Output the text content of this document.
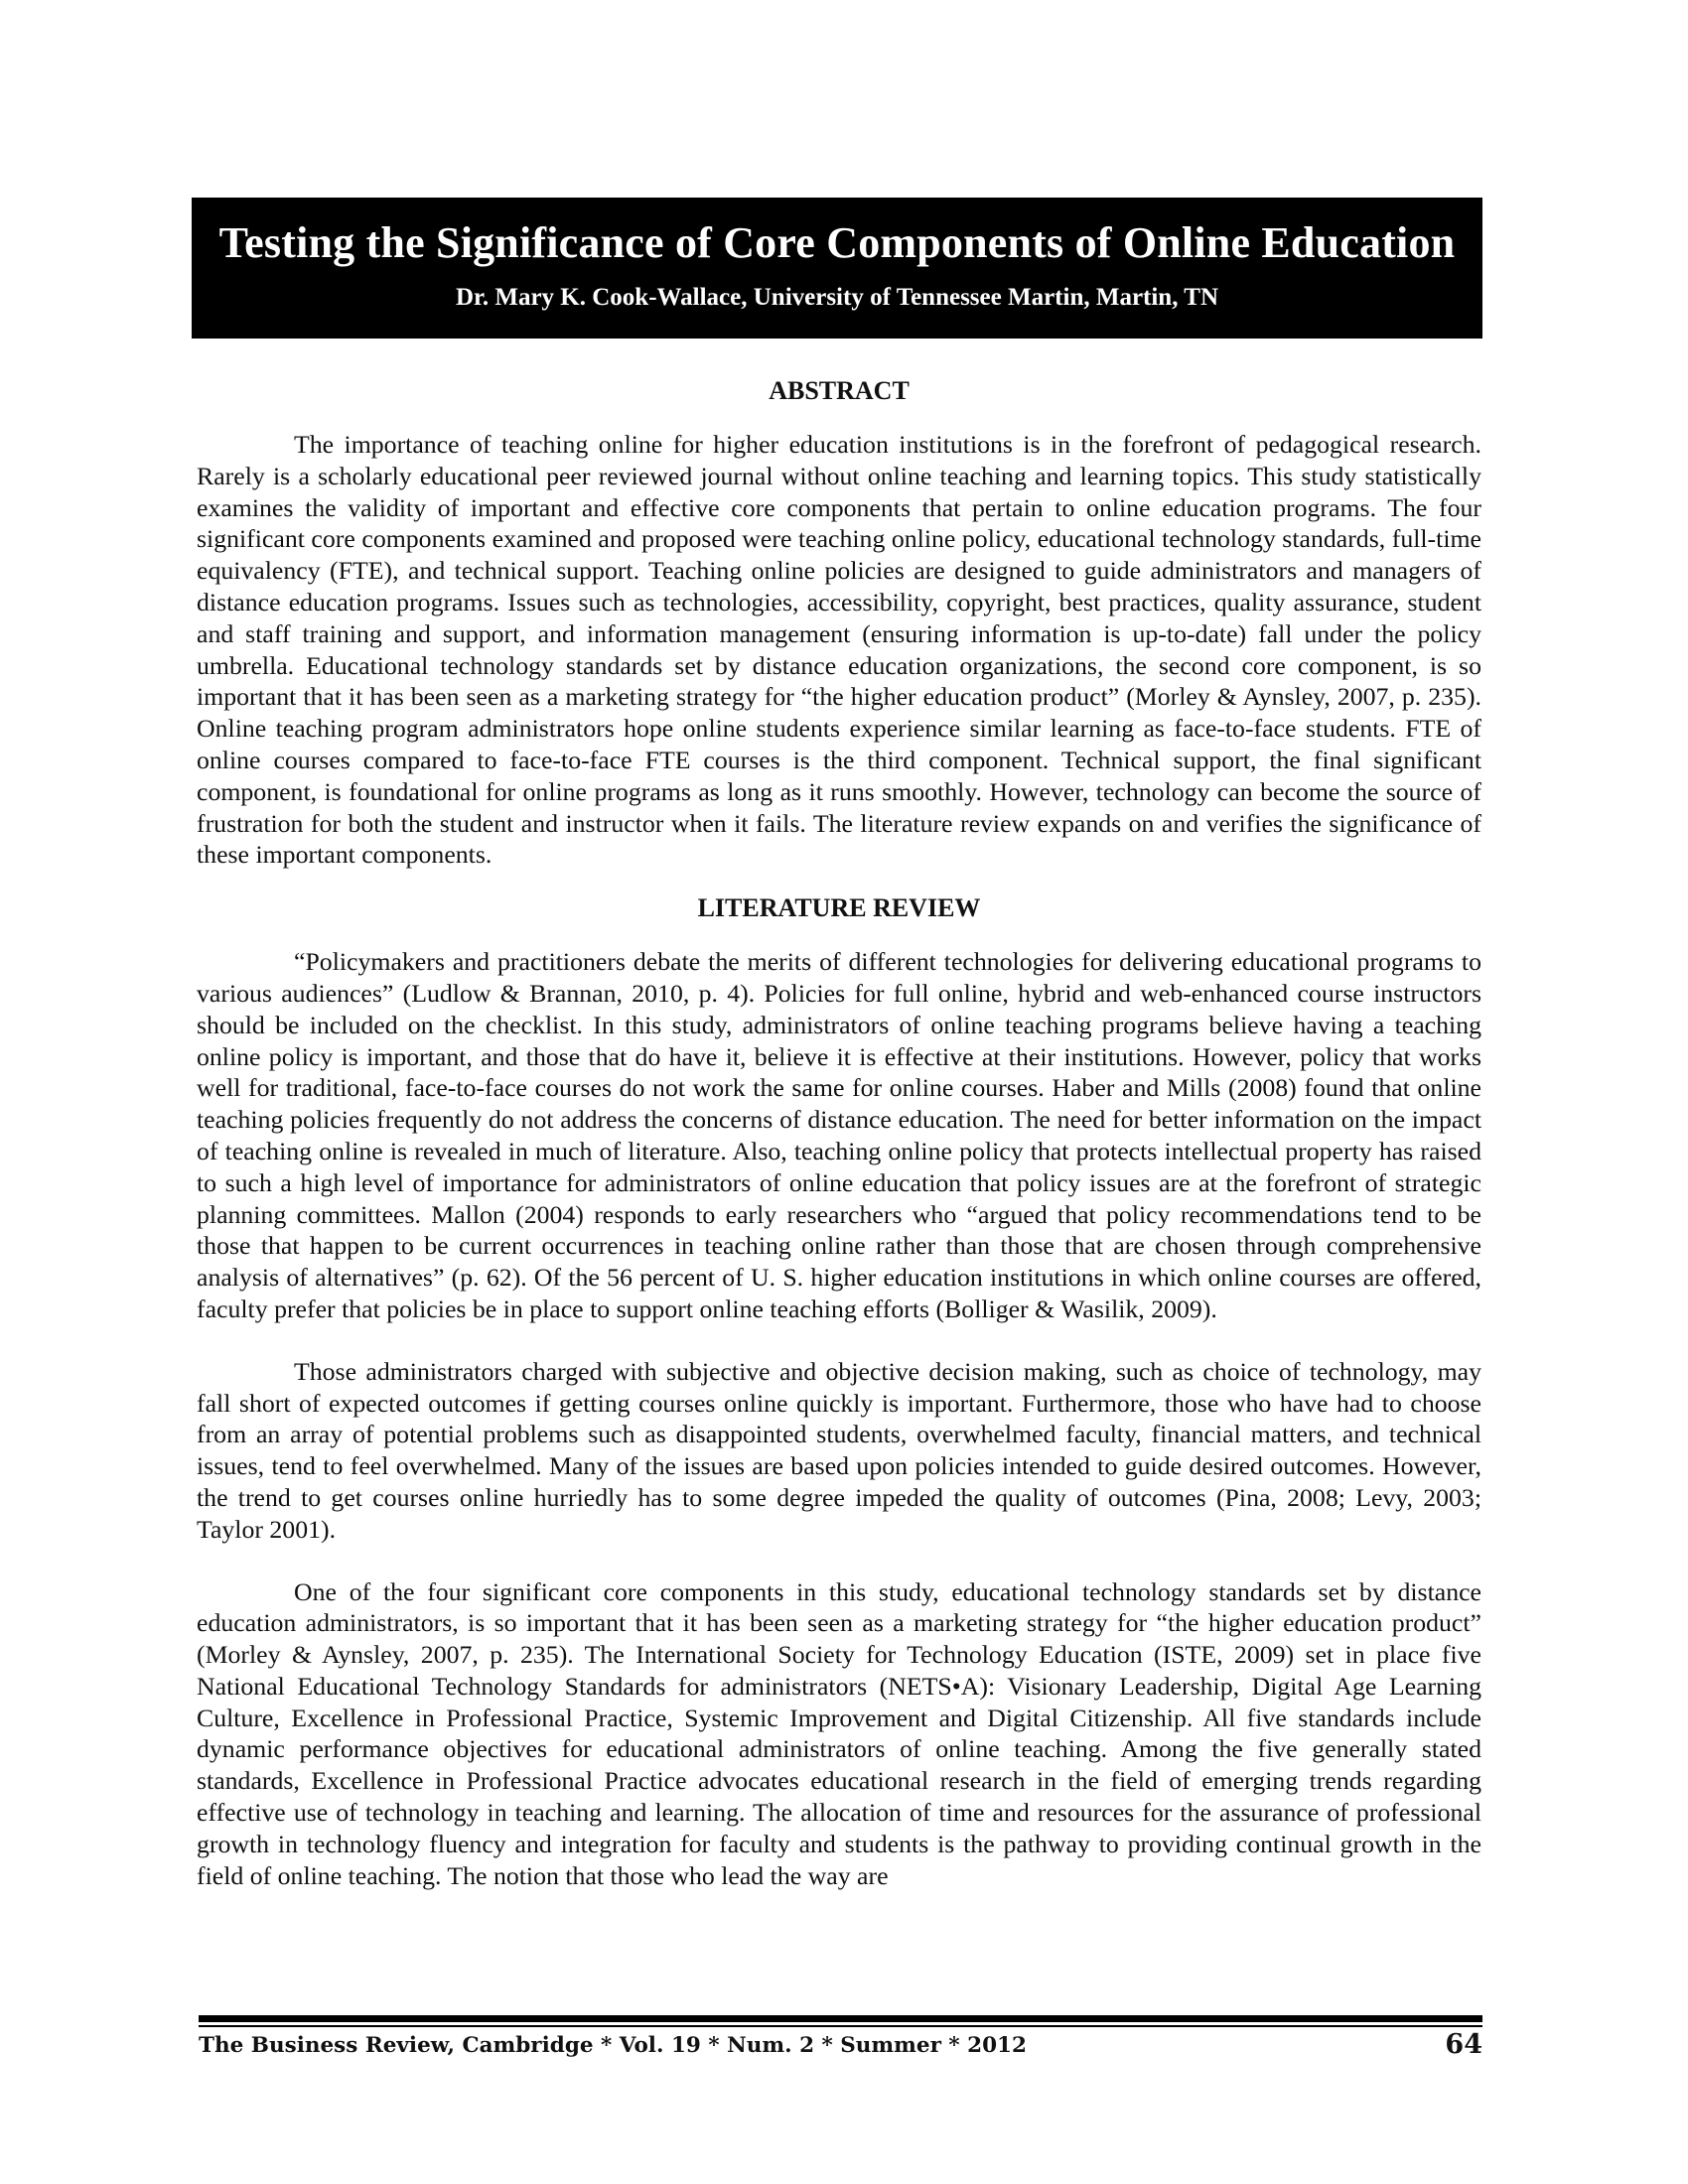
Testing the Significance of Core Components of Online Education
Dr. Mary K. Cook-Wallace, University of Tennessee Martin, Martin, TN
ABSTRACT

The importance of teaching online for higher education institutions is in the forefront of pedagogical research. Rarely is a scholarly educational peer reviewed journal without online teaching and learning topics. This study statistically examines the validity of important and effective core components that pertain to online education programs. The four significant core components examined and proposed were teaching online policy, educational technology standards, full-time equivalency (FTE), and technical support. Teaching online policies are designed to guide administrators and managers of distance education programs. Issues such as technologies, accessibility, copyright, best practices, quality assurance, student and staff training and support, and information management (ensuring information is up-to-date) fall under the policy umbrella. Educational technology standards set by distance education organizations, the second core component, is so important that it has been seen as a marketing strategy for “the higher education product” (Morley & Aynsley, 2007, p. 235). Online teaching program administrators hope online students experience similar learning as face-to-face students. FTE of online courses compared to face-to-face FTE courses is the third component. Technical support, the final significant component, is foundational for online programs as long as it runs smoothly. However, technology can become the source of frustration for both the student and instructor when it fails. The literature review expands on and verifies the significance of these important components.

LITERATURE REVIEW

“Policymakers and practitioners debate the merits of different technologies for delivering educational programs to various audiences” (Ludlow & Brannan, 2010, p. 4). Policies for full online, hybrid and web-enhanced course instructors should be included on the checklist. In this study, administrators of online teaching programs believe having a teaching online policy is important, and those that do have it, believe it is effective at their institutions. However, policy that works well for traditional, face-to-face courses do not work the same for online courses. Haber and Mills (2008) found that online teaching policies frequently do not address the concerns of distance education. The need for better information on the impact of teaching online is revealed in much of literature. Also, teaching online policy that protects intellectual property has raised to such a high level of importance for administrators of online education that policy issues are at the forefront of strategic planning committees. Mallon (2004) responds to early researchers who “argued that policy recommendations tend to be those that happen to be current occurrences in teaching online rather than those that are chosen through comprehensive analysis of alternatives” (p. 62). Of the 56 percent of U. S. higher education institutions in which online courses are offered, faculty prefer that policies be in place to support online teaching efforts (Bolliger & Wasilik, 2009).

Those administrators charged with subjective and objective decision making, such as choice of technology, may fall short of expected outcomes if getting courses online quickly is important. Furthermore, those who have had to choose from an array of potential problems such as disappointed students, overwhelmed faculty, financial matters, and technical issues, tend to feel overwhelmed. Many of the issues are based upon policies intended to guide desired outcomes. However, the trend to get courses online hurriedly has to some degree impeded the quality of outcomes (Pina, 2008; Levy, 2003; Taylor 2001).

One of the four significant core components in this study, educational technology standards set by distance education administrators, is so important that it has been seen as a marketing strategy for “the higher education product” (Morley & Aynsley, 2007, p. 235). The International Society for Technology Education (ISTE, 2009) set in place five National Educational Technology Standards for administrators (NETS•A): Visionary Leadership, Digital Age Learning Culture, Excellence in Professional Practice, Systemic Improvement and Digital Citizenship. All five standards include dynamic performance objectives for educational administrators of online teaching. Among the five generally stated standards, Excellence in Professional Practice advocates educational research in the field of emerging trends regarding effective use of technology in teaching and learning. The allocation of time and resources for the assurance of professional growth in technology fluency and integration for faculty and students is the pathway to providing continual growth in the field of online teaching. The notion that those who lead the way are

The Business Review, Cambridge * Vol. 19 * Num. 2 * Summer * 2012	64
